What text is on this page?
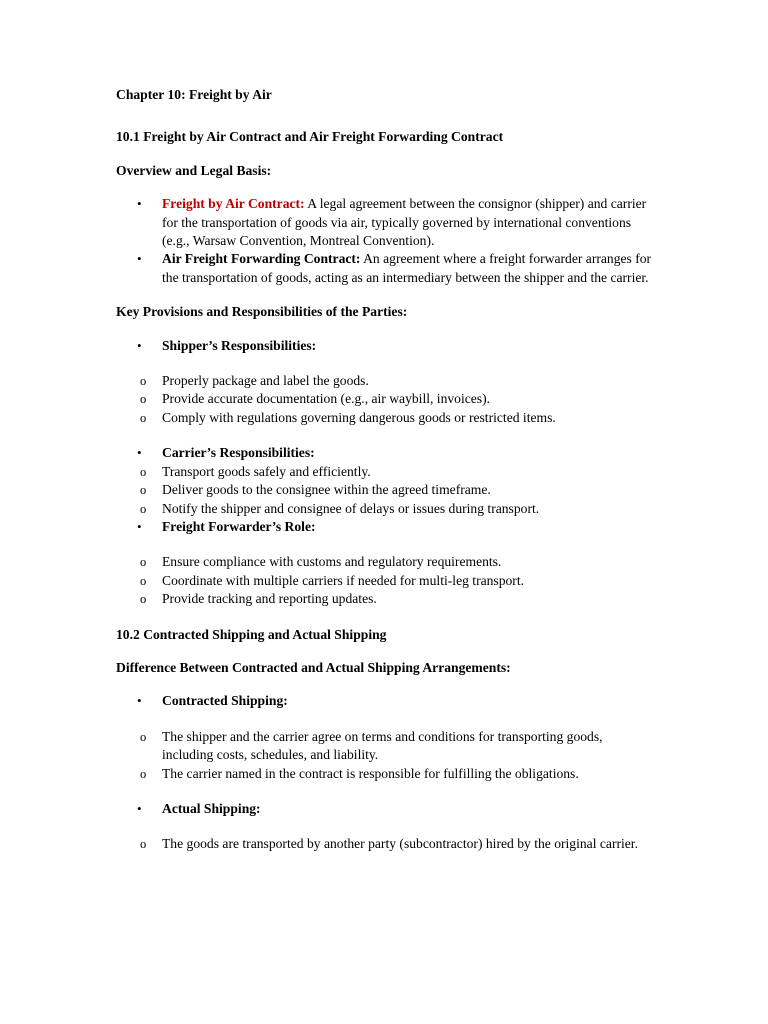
Chapter 10: Freight by Air

10.1 Freight by Air Contract and Air Freight Forwarding Contract

Overview and Legal Basis:

• Freight by Air Contract: A legal agreement between the consignor (shipper) and carrier for the transportation of goods via air, typically governed by international conventions (e.g., Warsaw Convention, Montreal Convention).
• Air Freight Forwarding Contract: An agreement where a freight forwarder arranges for the transportation of goods, acting as an intermediary between the shipper and the carrier.

Key Provisions and Responsibilities of the Parties:

• Shipper’s Responsibilities:
o Properly package and label the goods.
o Provide accurate documentation (e.g., air waybill, invoices).
o Comply with regulations governing dangerous goods or restricted items.
• Carrier’s Responsibilities:
o Transport goods safely and efficiently.
o Deliver goods to the consignee within the agreed timeframe.
o Notify the shipper and consignee of delays or issues during transport.
• Freight Forwarder’s Role:
o Ensure compliance with customs and regulatory requirements.
o Coordinate with multiple carriers if needed for multi-leg transport.
o Provide tracking and reporting updates.

10.2 Contracted Shipping and Actual Shipping

Difference Between Contracted and Actual Shipping Arrangements:

• Contracted Shipping:
o The shipper and the carrier agree on terms and conditions for transporting goods, including costs, schedules, and liability.
o The carrier named in the contract is responsible for fulfilling the obligations.
• Actual Shipping:
o The goods are transported by another party (subcontractor) hired by the original carrier.
